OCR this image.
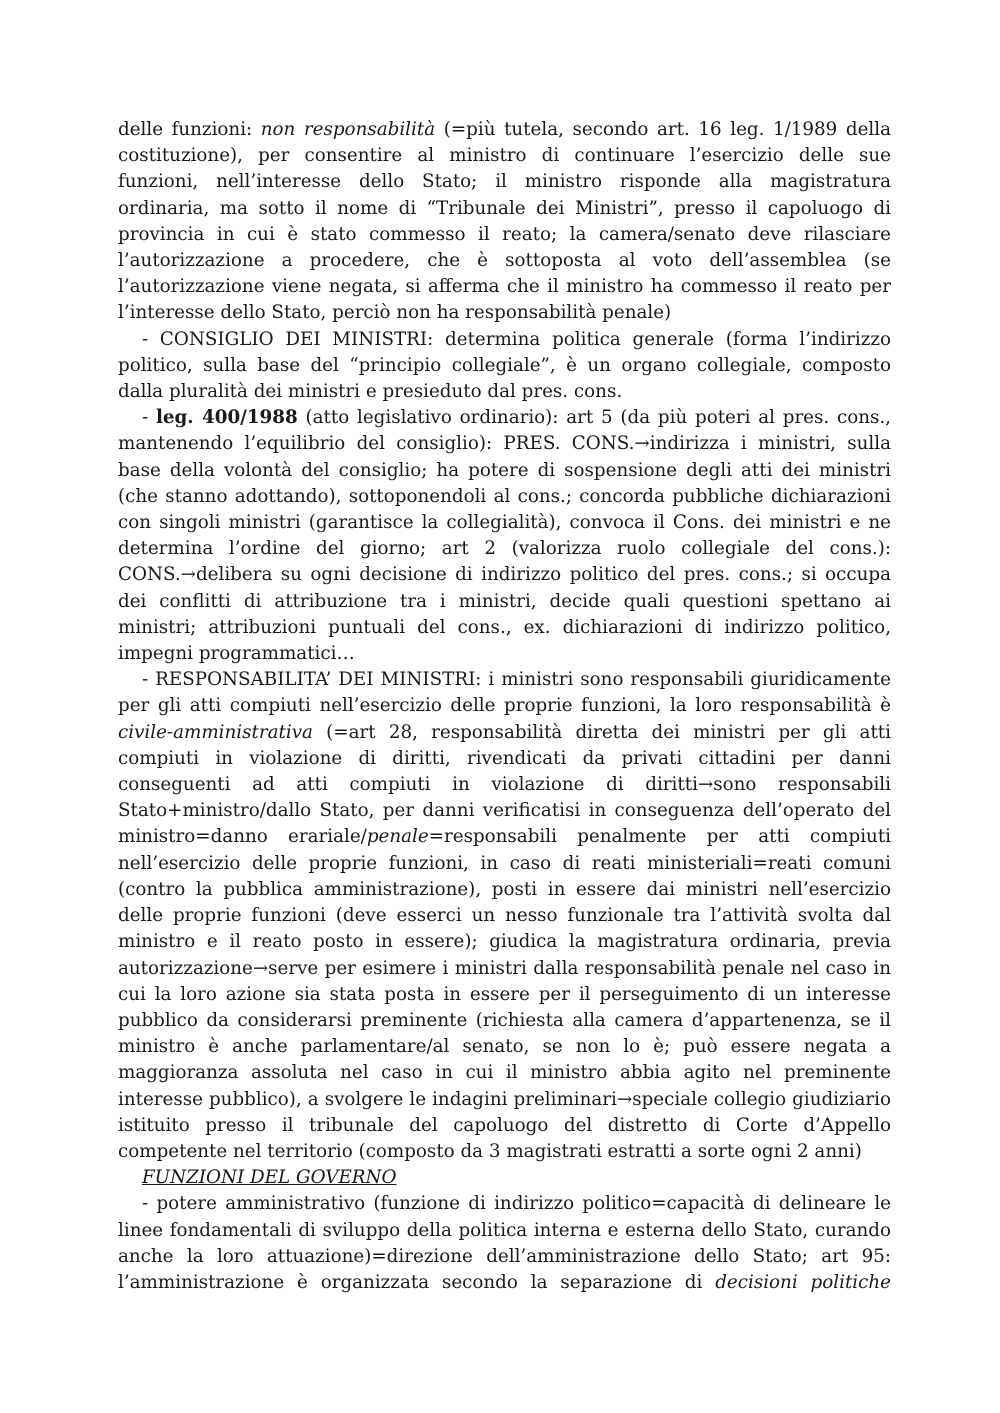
delle funzioni: non responsabilità (=più tutela, secondo art. 16 leg. 1/1989 della costituzione), per consentire al ministro di continuare l’esercizio delle sue funzioni, nell’interesse dello Stato; il ministro risponde alla magistratura ordinaria, ma sotto il nome di “Tribunale dei Ministri”, presso il capoluogo di provincia in cui è stato commesso il reato; la camera/senato deve rilasciare l’autorizzazione a procedere, che è sottoposta al voto dell’assemblea (se l’autorizzazione viene negata, si afferma che il ministro ha commesso il reato per l’interesse dello Stato, perciò non ha responsabilità penale)

- CONSIGLIO DEI MINISTRI: determina politica generale (forma l’indirizzo politico, sulla base del “principio collegiale”, è un organo collegiale, composto dalla pluralità dei ministri e presieduto dal pres. cons.

- leg. 400/1988 (atto legislativo ordinario): art 5 (da più poteri al pres. cons., mantenendo l’equilibrio del consiglio): PRES. CONS.→indirizza i ministri, sulla base della volontà del consiglio; ha potere di sospensione degli atti dei ministri (che stanno adottando), sottoponendoli al cons.; concorda pubbliche dichiarazioni con singoli ministri (garantisce la collegialità), convoca il Cons. dei ministri e ne determina l’ordine del giorno; art 2 (valorizza ruolo collegiale del cons.): CONS.→delibera su ogni decisione di indirizzo politico del pres. cons.; si occupa dei conflitti di attribuzione tra i ministri, decide quali questioni spettano ai ministri; attribuzioni puntuali del cons., ex. dichiarazioni di indirizzo politico, impegni programmatici…

- RESPONSABILITA’ DEI MINISTRI: i ministri sono responsabili giuridicamente per gli atti compiuti nell’esercizio delle proprie funzioni, la loro responsabilità è civile-amministrativa (=art 28, responsabilità diretta dei ministri per gli atti compiuti in violazione di diritti, rivendicati da privati cittadini per danni conseguenti ad atti compiuti in violazione di diritti→sono responsabili Stato+ministro/dallo Stato, per danni verificatisi in conseguenza dell’operato del ministro=danno erariale/penale=responsabili penalmente per atti compiuti nell’esercizio delle proprie funzioni, in caso di reati ministeriali=reati comuni (contro la pubblica amministrazione), posti in essere dai ministri nell’esercizio delle proprie funzioni (deve esserci un nesso funzionale tra l’attività svolta dal ministro e il reato posto in essere); giudica la magistratura ordinaria, previa autorizzazione→serve per esimere i ministri dalla responsabilità penale nel caso in cui la loro azione sia stata posta in essere per il perseguimento di un interesse pubblico da considerarsi preminente (richiesta alla camera d’appartenenza, se il ministro è anche parlamentare/al senato, se non lo è; può essere negata a maggioranza assoluta nel caso in cui il ministro abbia agito nel preminente interesse pubblico), a svolgere le indagini preliminari→speciale collegio giudiziario istituito presso il tribunale del capoluogo del distretto di Corte d’Appello competente nel territorio (composto da 3 magistrati estratti a sorte ogni 2 anni)

FUNZIONI DEL GOVERNO

- potere amministrativo (funzione di indirizzo politico=capacità di delineare le linee fondamentali di sviluppo della politica interna e esterna dello Stato, curando anche la loro attuazione)=direzione dell’amministrazione dello Stato; art 95: l’amministrazione è organizzata secondo la separazione di decisioni politiche
